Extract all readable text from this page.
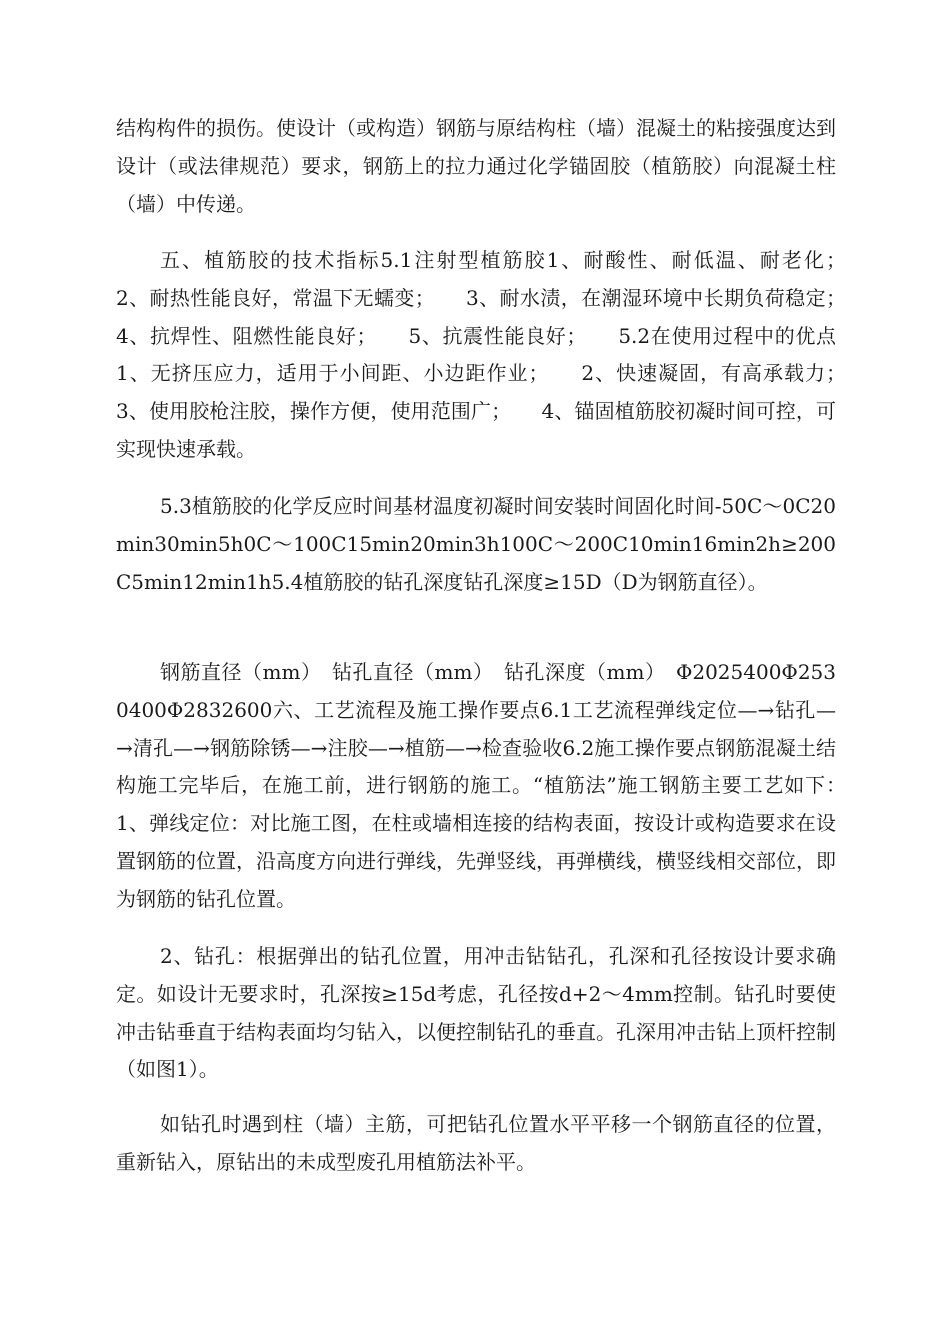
结构构件的损伤。使设计（或构造）钢筋与原结构柱（墙）混凝土的粘接强度达到设计（或法律规范）要求，钢筋上的拉力通过化学锚固胶（植筋胶）向混凝土柱（墙）中传递。

五、植筋胶的技术指标5.1注射型植筋胶1、耐酸性、耐低温、耐老化；　　2、耐热性能良好，常温下无蠕变；　　3、耐水渍，在潮湿环境中长期负荷稳定；　　4、抗焊性、阻燃性能良好；　　5、抗震性能良好；　　5.2在使用过程中的优点1、无挤压应力，适用于小间距、小边距作业；　　2、快速凝固，有高承载力；　　3、使用胶枪注胶，操作方便，使用范围广；　　4、锚固植筋胶初凝时间可控，可实现快速承载。

5.3植筋胶的化学反应时间基材温度初凝时间安装时间固化时间-50C～0C20min30min5h0C～100C15min20min3h100C～200C10min16min2h≥200C5min12min1h5.4植筋胶的钻孔深度钻孔深度≥15D（D为钢筋直径）。

钢筋直径（mm）　钻孔直径（mm）　钻孔深度（mm）　Φ2025400Φ2530400Φ2832600六、工艺流程及施工操作要点6.1工艺流程弹线定位—→钻孔—→清孔—→钢筋除锈—→注胶—→植筋—→检查验收6.2施工操作要点钢筋混凝土结构施工完毕后，在施工前，进行钢筋的施工。“植筋法”施工钢筋主要工艺如下：　1、弹线定位：对比施工图，在柱或墙相连接的结构表面，按设计或构造要求在设置钢筋的位置，沿高度方向进行弹线，先弹竖线，再弹横线，横竖线相交部位，即为钢筋的钻孔位置。

2、钻孔：根据弹出的钻孔位置，用冲击钻钻孔，孔深和孔径按设计要求确定。如设计无要求时，孔深按≥15d考虑，孔径按d+2～4mm控制。钻孔时要使冲击钻垂直于结构表面均匀钻入，以便控制钻孔的垂直。孔深用冲击钻上顶杆控制（如图1）。

如钻孔时遇到柱（墙）主筋，可把钻孔位置水平平移一个钢筋直径的位置，重新钻入，原钻出的未成型废孔用植筋法补平。
